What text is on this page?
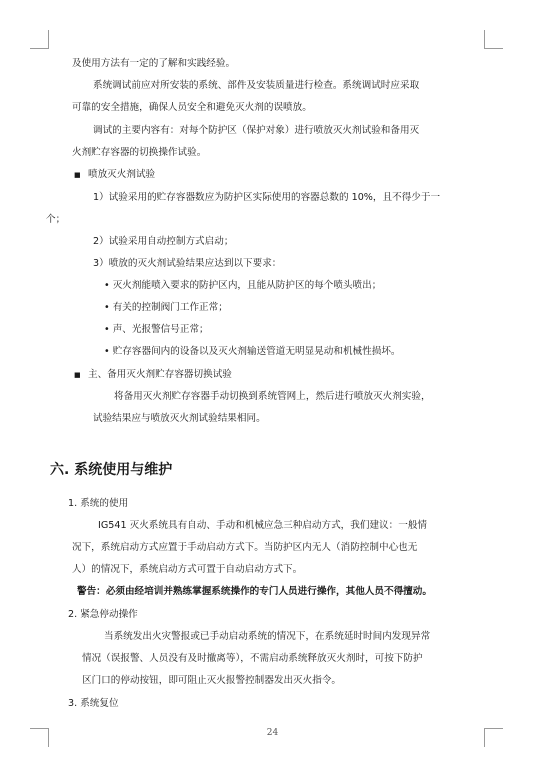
及使用方法有一定的了解和实践经验。
系统调试前应对所安装的系统、部件及安装质量进行检查。系统调试时应采取
可靠的安全措施，确保人员安全和避免灭火剂的误喷放。
调试的主要内容有：对每个防护区（保护对象）进行喷放灭火剂试验和备用灭
火剂贮存容器的切换操作试验。
■ 喷放灭火剂试验
1）试验采用的贮存容器数应为防护区实际使用的容器总数的 10%，且不得少于一
个；
2）试验采用自动控制方式启动；
3）喷放的灭火剂试验结果应达到以下要求：
• 灭火剂能喷入要求的防护区内，且能从防护区的每个喷头喷出；
• 有关的控制阀门工作正常；
• 声、光报警信号正常；
• 贮存容器间内的设备以及灭火剂输送管道无明显晃动和机械性损坏。
■ 主、备用灭火剂贮存容器切换试验
将备用灭火剂贮存容器手动切换到系统管网上，然后进行喷放灭火剂实验，
试验结果应与喷放灭火剂试验结果相同。
六. 系统使用与维护
1. 系统的使用
IG541 灭火系统具有自动、手动和机械应急三种启动方式，我们建议：一般情
况下，系统启动方式应置于手动启动方式下。当防护区内无人（消防控制中心也无
人）的情况下，系统启动方式可置于自动启动方式下。
警告：必须由经培训并熟练掌握系统操作的专门人员进行操作，其他人员不得擅动。
2. 紧急停动操作
当系统发出火灾警报或已手动启动系统的情况下，在系统延时时间内发现异常
情况（误报警、人员没有及时撤离等），不需启动系统释放灭火剂时，可按下防护
区门口的停动按钮，即可阻止灭火报警控制器发出灭火指令。
3. 系统复位
24
